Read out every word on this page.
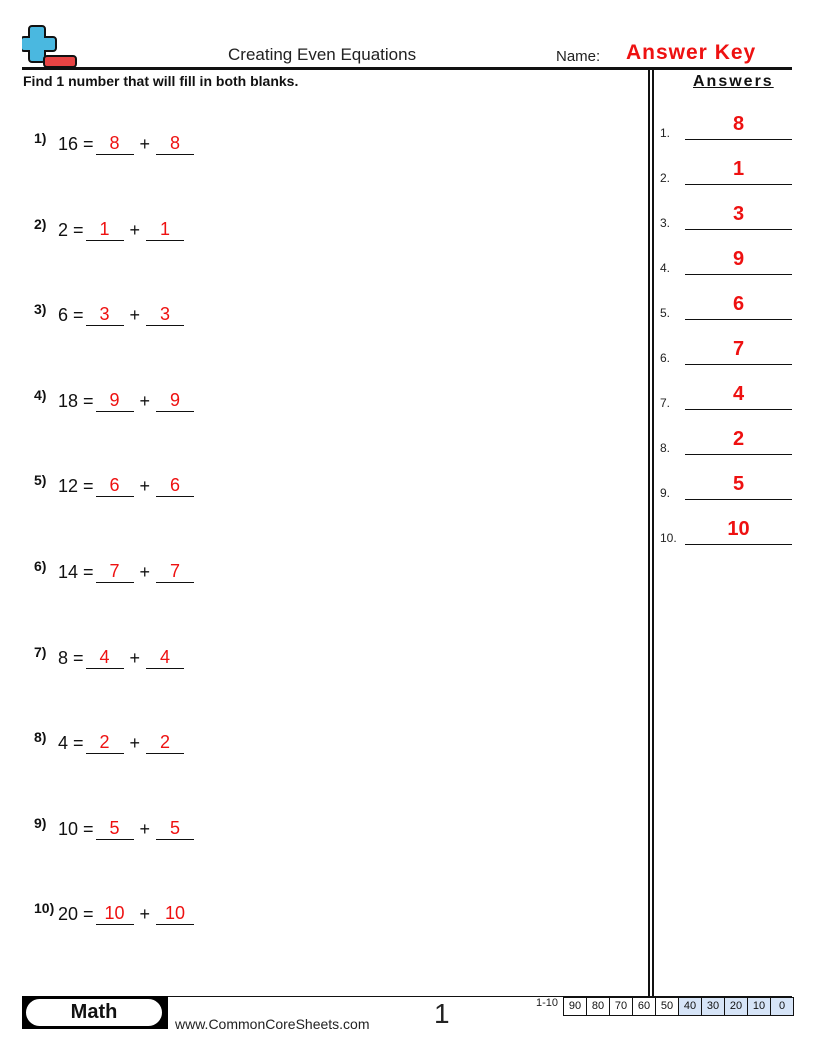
Creating Even Equations	Name: Answer Key
Find 1 number that will fill in both blanks.	Answers
1) 16 = 8	+	8
2) 2 = 1	+	1
3) 6 = 3	+	3
4) 18 = 9	+	9
5) 12 = 6	+	6
6) 14 = 7	+	7
7) 8 = 4	+	4
8) 4 = 2	+	2
9) 10 = 5	+	5
10) 20 = 10 + 10
1.	8
2.	1
3.	3
4.	9
5.	6
6.	7
7.	4
8.	2
9.	5
10.	10
Math
www.CommonCoreSheets.com 1	1-10 90 80 70 60 50 40 30 20 10	0
